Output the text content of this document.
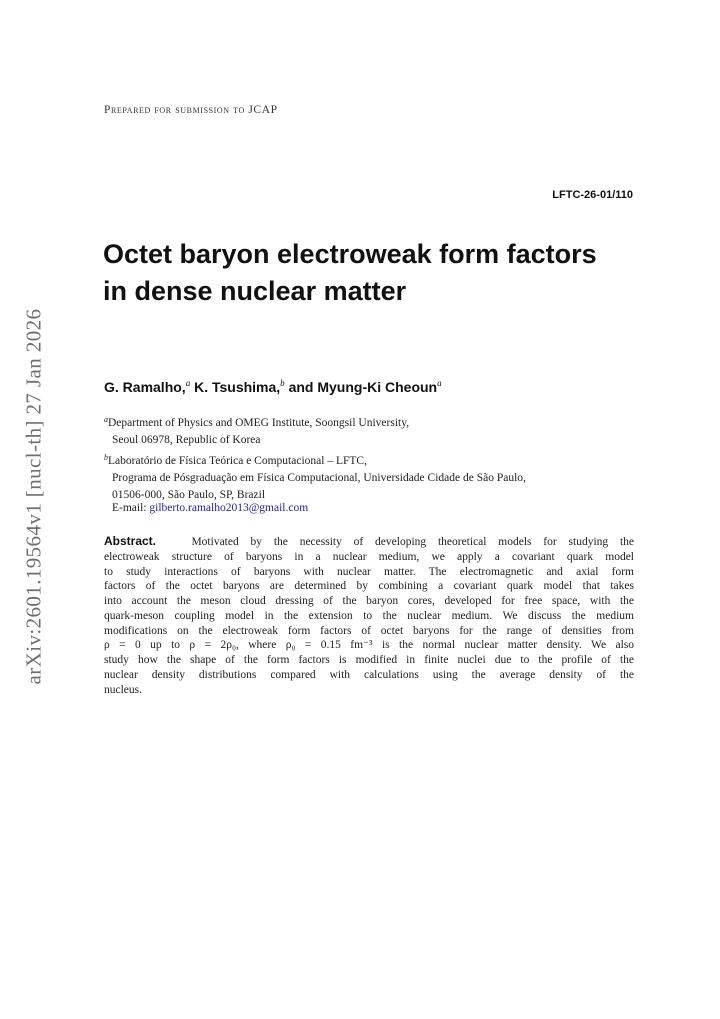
arXiv:2601.19564v1 [nucl-th] 27 Jan 2026
Prepared for submission to JCAP
LFTC-26-01/110
Octet baryon electroweak form factors
in dense nuclear matter
G. Ramalho,$^a$ K. Tsushima,$^b$ and Myung-Ki Cheoun$^a$
$^a$Department of Physics and OMEG Institute, Soongsil University,
Seoul 06978, Republic of Korea
$^b$Laboratório de Física Teórica e Computacional – LFTC,
Programa de Pósgraduação em Física Computacional, Universidade Cidade de São Paulo,
01506-000, São Paulo, SP, Brazil
E-mail: gilberto.ramalho2013@gmail.com
Abstract.	Motivated by the necessity of developing theoretical models for studying the
electroweak structure of baryons in a nuclear medium, we apply a covariant quark model
to study interactions of baryons with nuclear matter. The electromagnetic and axial form
factors of the octet baryons are determined by combining a covariant quark model that takes
into account the meson cloud dressing of the baryon cores, developed for free space, with the
quark-meson coupling model in the extension to the nuclear medium. We discuss the medium
modifications on the electroweak form factors of octet baryons for the range of densities from
ρ = 0 up to ρ = 2ρ₀, where ρ₀ = 0.15 fm⁻³ is the normal nuclear matter density. We also
study how the shape of the form factors is modified in finite nuclei due to the profile of the
nuclear density distributions compared with calculations using the average density of the
nucleus.
